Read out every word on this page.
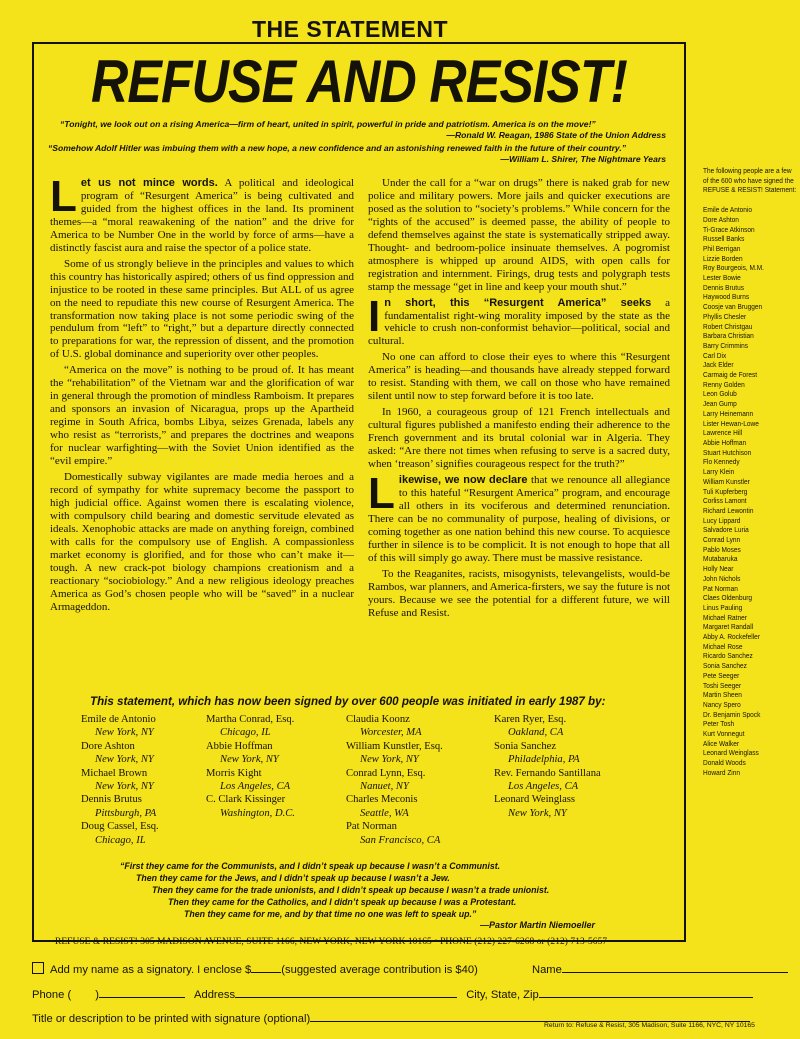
THE STATEMENT
REFUSE AND RESIST!
“Tonight, we look out on a rising America—firm of heart, united in spirit, powerful in pride and patriotism. America is on the move!”
—Ronald W. Reagan, 1986 State of the Union Address
“Somehow Adolf Hitler was imbuing them with a new hope, a new confidence and an astonishing renewed faith in the future of their country.”
—William L. Shirer, The Nightmare Years

Let us not mince words. A political and ideological program of “Resurgent America” is being cultivated and guided from the highest offices in the land. Its prominent themes—a “moral reawakening of the nation” and the drive for America to be Number One in the world by force of arms—have a distinctly fascist aura and raise the spector of a police state.

Some of us strongly believe in the principles and values to which this country has historically aspired; others of us find oppression and injustice to be rooted in these same principles. But ALL of us agree on the need to repudiate this new course of Resurgent America. The transformation now taking place is not some periodic swing of the pendulum from “left” to “right,” but a departure directly connected to preparations for war, the repression of dissent, and the promotion of U.S. global dominance and superiority over other peoples.

“America on the move” is nothing to be proud of. It has meant the “rehabilitation” of the Vietnam war and the glorification of war in general through the promotion of mindless Ramboism. It prepares and sponsors an invasion of Nicaragua, props up the Apartheid regime in South Africa, bombs Libya, seizes Grenada, labels any who resist as “terrorists,” and prepares the doctrines and weapons for nuclear warfighting—with the Soviet Union identified as the “evil empire.”

Domestically subway vigilantes are made media heroes and a record of sympathy for white supremacy become the passport to high judicial office. Against women there is escalating violence, with compulsory child bearing and domestic servitude elevated as ideals. Xenophobic attacks are made on anything foreign, combined with calls for the compulsory use of English. A compassionless market economy is glorified, and for those who can’t make it—tough. A new crack-pot biology champions creationism and a reactionary “sociobiology.” And a new religious ideology preaches America as God’s chosen people who will be “saved” in a nuclear Armageddon.

Under the call for a “war on drugs” there is naked grab for new police and military powers. More jails and quicker executions are posed as the solution to “society’s problems.” While concern for the “rights of the accused” is deemed passe, the ability of people to defend themselves against the state is systematically stripped away. Thought- and bedroom-police insinuate themselves. A pogromist atmosphere is whipped up around AIDS, with open calls for registration and internment. Firings, drug tests and polygraph tests stamp the message “get in line and keep your mouth shut.”

In short, this “Resurgent America” seeks a fundamentalist right-wing morality imposed by the state as the vehicle to crush non-conformist behavior—political, social and cultural.

No one can afford to close their eyes to where this “Resurgent America” is heading—and thousands have already stepped forward to resist. Standing with them, we call on those who have remained silent until now to step forward before it is too late.

In 1960, a courageous group of 121 French intellectuals and cultural figures published a manifesto ending their adherence to the French government and its brutal colonial war in Algeria. They asked: “Are there not times when refusing to serve is a sacred duty, when ‘treason’ signifies courageous respect for the truth?”

Likewise, we now declare that we renounce all allegiance to this hateful “Resurgent America” program, and encourage all others in its vociferous and determined renunciation. There can be no communality of purpose, healing of divisions, or coming together as one nation behind this new course. To acquiesce further in silence is to be complicit. It is not enough to hope that all of this will simply go away. There must be massive resistance.

To the Reaganites, racists, misogynists, televangelists, would-be Rambos, war planners, and America-firsters, we say the future is not yours. Because we see the potential for a different future, we will Refuse and Resist.

This statement, which has now been signed by over 600 people was initiated in early 1987 by:
Emile de Antonio
New York, NY
Dore Ashton
New York, NY
Michael Brown
New York, NY
Dennis Brutus
Pittsburgh, PA
Doug Cassel, Esq.
Chicago, IL
Martha Conrad, Esq.
Chicago, IL
Abbie Hoffman
New York, NY
Morris Kight
Los Angeles, CA
C. Clark Kissinger
Washington, D.C.
Claudia Koonz
Worcester, MA
William Kunstler, Esq.
New York, NY
Conrad Lynn, Esq.
Nanuet, NY
Charles Meconis
Seattle, WA
Pat Norman
San Francisco, CA
Karen Ryer, Esq.
Oakland, CA
Sonia Sanchez
Philadelphia, PA
Rev. Fernando Santillana
Los Angeles, CA
Leonard Weinglass
New York, NY
“First they came for the Communists, and I didn’t speak up because I wasn’t a Communist.
Then they came for the Jews, and I didn’t speak up because I wasn’t a Jew.
Then they came for the trade unionists, and I didn’t speak up because I wasn’t a trade unionist.
Then they came for the Catholics, and I didn’t speak up because I was a Protestant.
Then they came for me, and by that time no one was left to speak up.”
—Pastor Martin Niemoeller
REFUSE & RESIST! 305 MADISON AVENUE, SUITE 1166, NEW YORK, NEW YORK 10165 • PHONE (212) 227-6268 or (212) 713-5657
The following people are a few of the 600 who have signed the REFUSE & RESIST! Statement:
Emile de Antonio
Dore Ashton
Ti-Grace Atkinson
Russell Banks
Phil Berrigan
Lizzie Borden
Roy Bourgeois, M.M.
Lester Bowie
Dennis Brutus
Haywood Burns
Coosje van Bruggen
Phyllis Chesler
Robert Christgau
Barbara Christian
Barry Crimmins
Carl Dix
Jack Elder
Carmaig de Forest
Renny Golden
Leon Golub
Jean Gump
Larry Heinemann
Lister Hewan-Lowe
Lawrence Hill
Abbie Hoffman
Stuart Hutchison
Flo Kennedy
Larry Klein
William Kunstler
Tuli Kupferberg
Corliss Lamont
Richard Lewontin
Lucy Lippard
Salvadore Luria
Conrad Lynn
Pablo Moses
Mutabaruka
Holly Near
John Nichols
Pat Norman
Claes Oldenburg
Linus Pauling
Michael Ratner
Margaret Randall
Abby A. Rockefeller
Michael Rose
Ricardo Sanchez
Sonia Sanchez
Pete Seeger
Toshi Seeger
Martin Sheen
Nancy Spero
Dr. Benjamin Spock
Peter Tosh
Kurt Vonnegut
Alice Walker
Leonard Weinglass
Donald Woods
Howard Zinn
Add my name as a signatory. I enclose $	(suggested average contribution is $40)	Name
Phone ( )	Address	City, State, Zip
Title or description to be printed with signature (optional)
Return to: Refuse & Resist, 305 Madison, Suite 1166, NYC, NY 10165
